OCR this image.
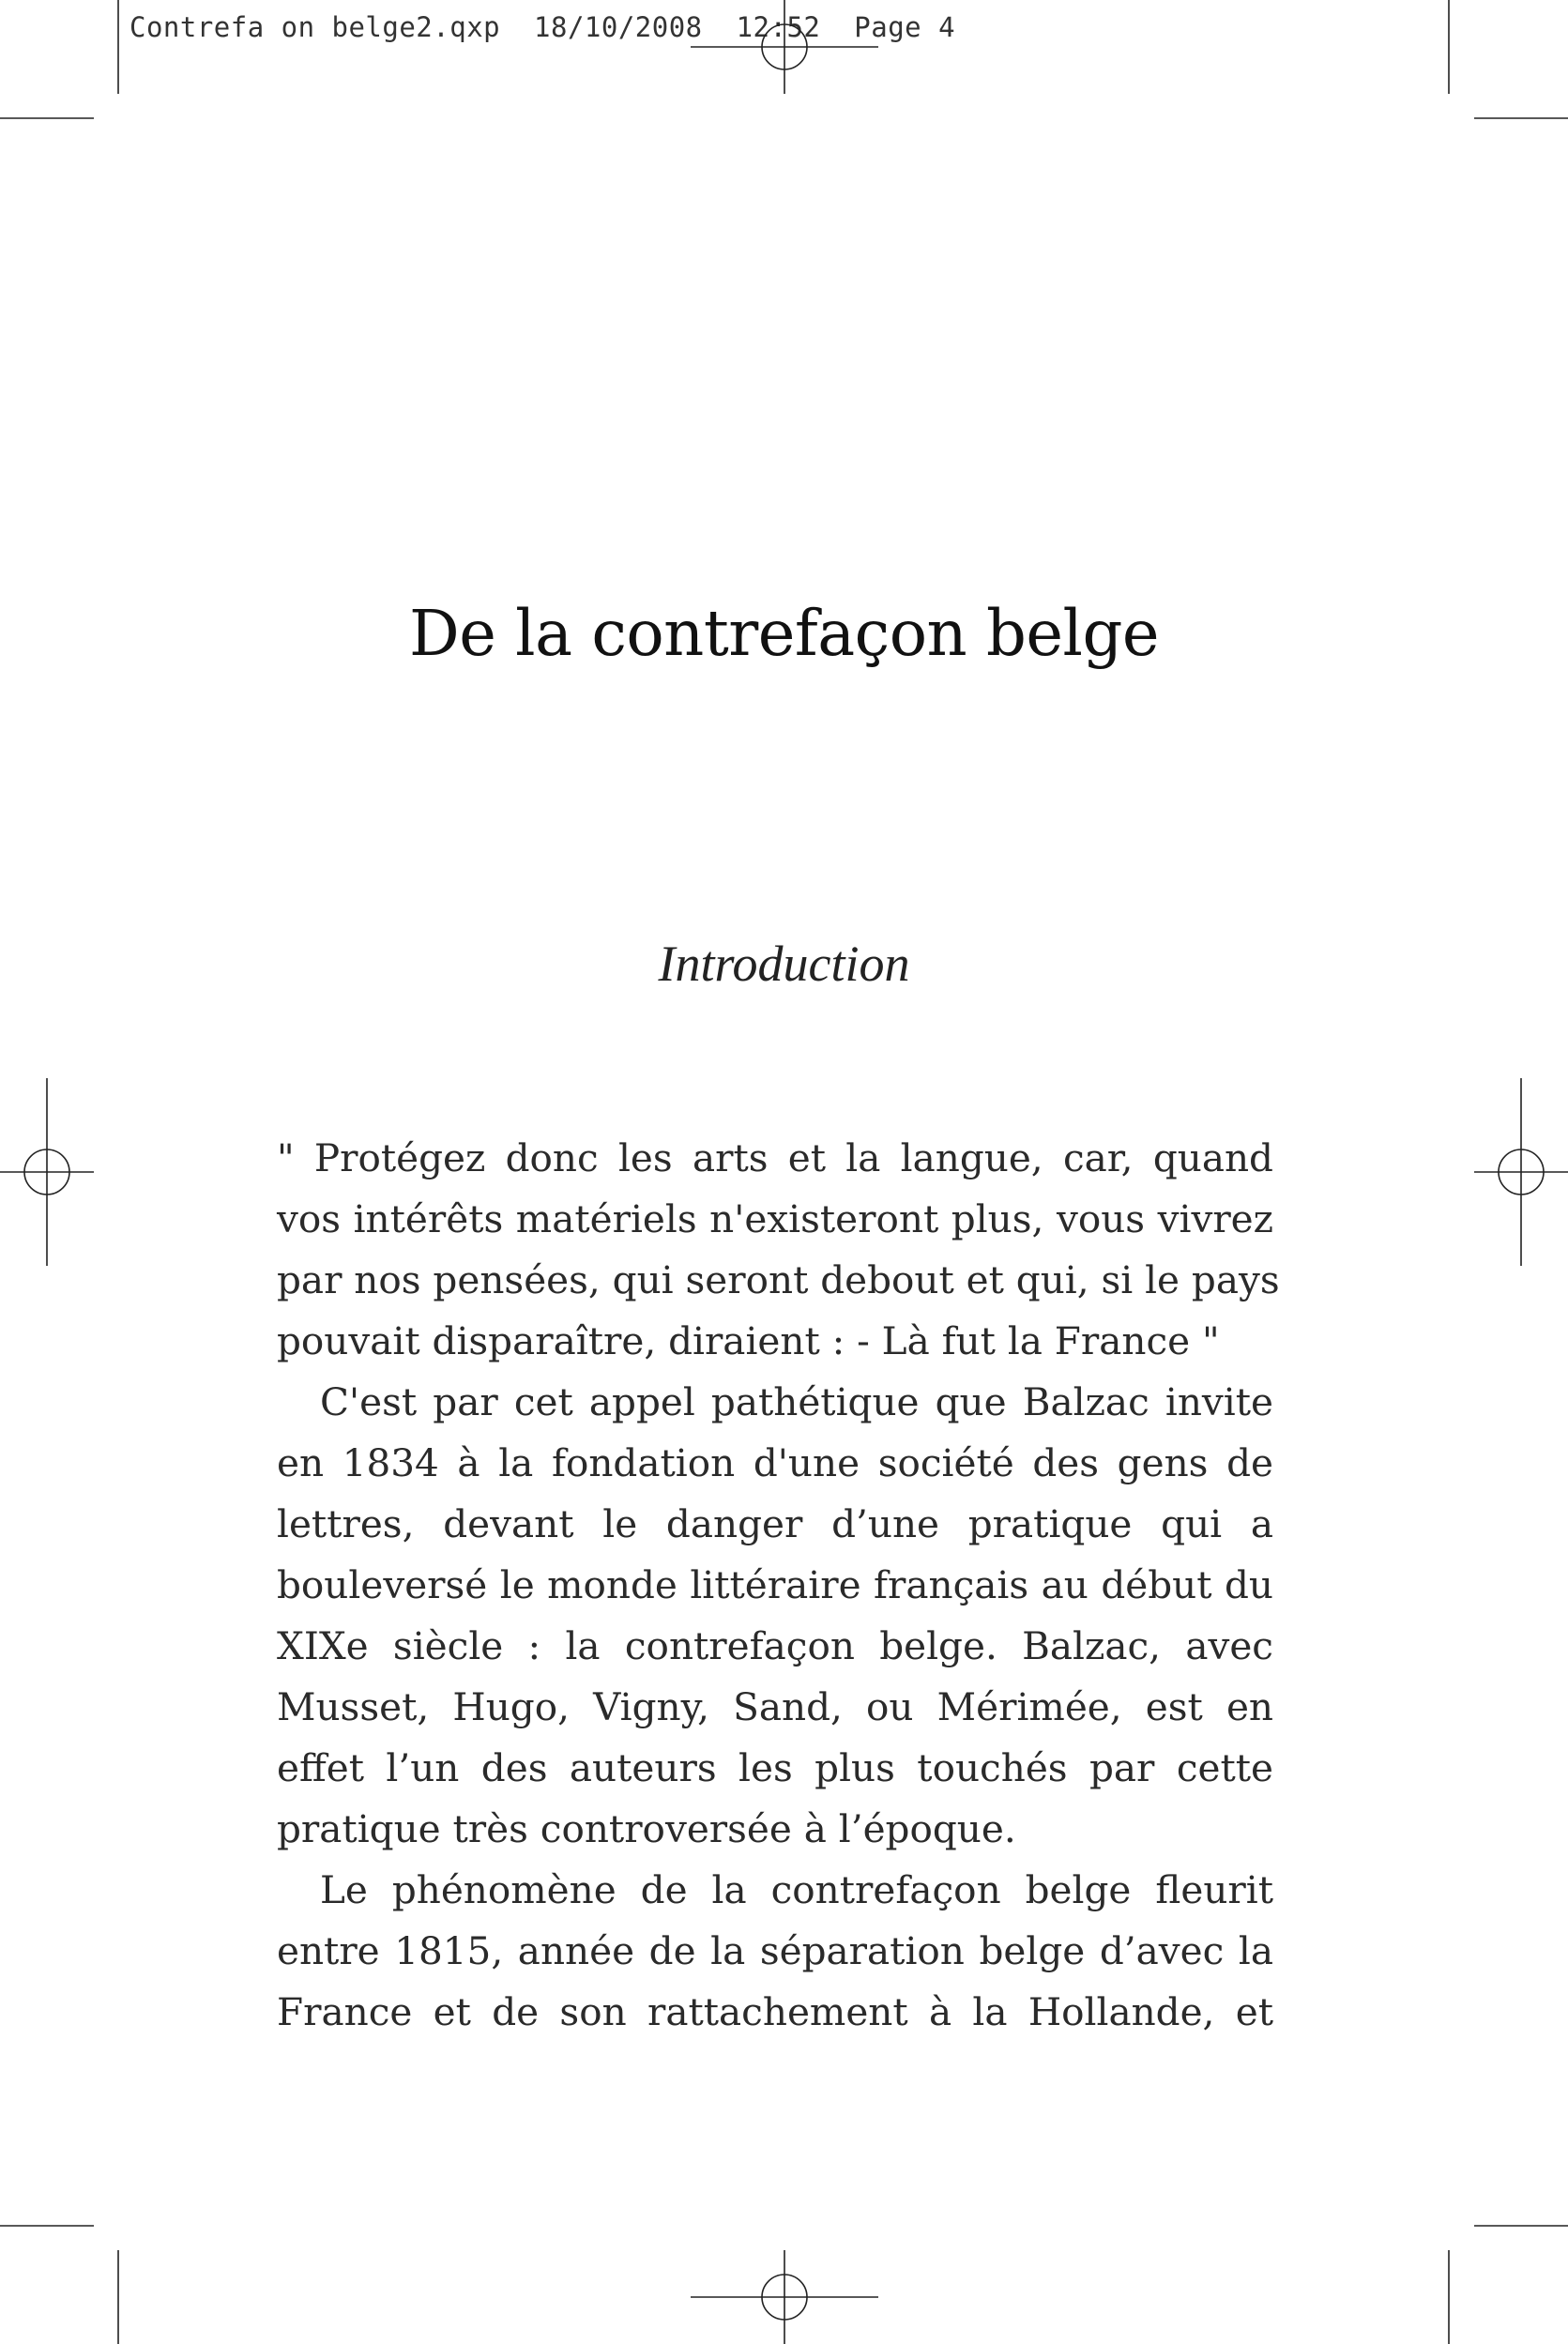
Contrefa on belge2.qxp 18/10/2008 12:52 Page 4
De la contrefaçon belge
Introduction

" Protégez donc les arts et la langue, car, quand
vos intérêts matériels n'existeront plus, vous vivrez
par nos pensées, qui seront debout et qui, si le pays
pouvait disparaître, diraient : - Là fut la France "

C'est par cet appel pathétique que Balzac invite
en 1834 à la fondation d'une société des gens de
lettres, devant le danger d’une pratique qui a
bouleversé le monde littéraire français au début du
XIXe siècle : la contrefaçon belge. Balzac, avec
Musset, Hugo, Vigny, Sand, ou Mérimée, est en
effet l’un des auteurs les plus touchés par cette
pratique très controversée à l’époque.

Le phénomène de la contrefaçon belge fleurit
entre 1815, année de la séparation belge d’avec la
France et de son rattachement à la Hollande, et
